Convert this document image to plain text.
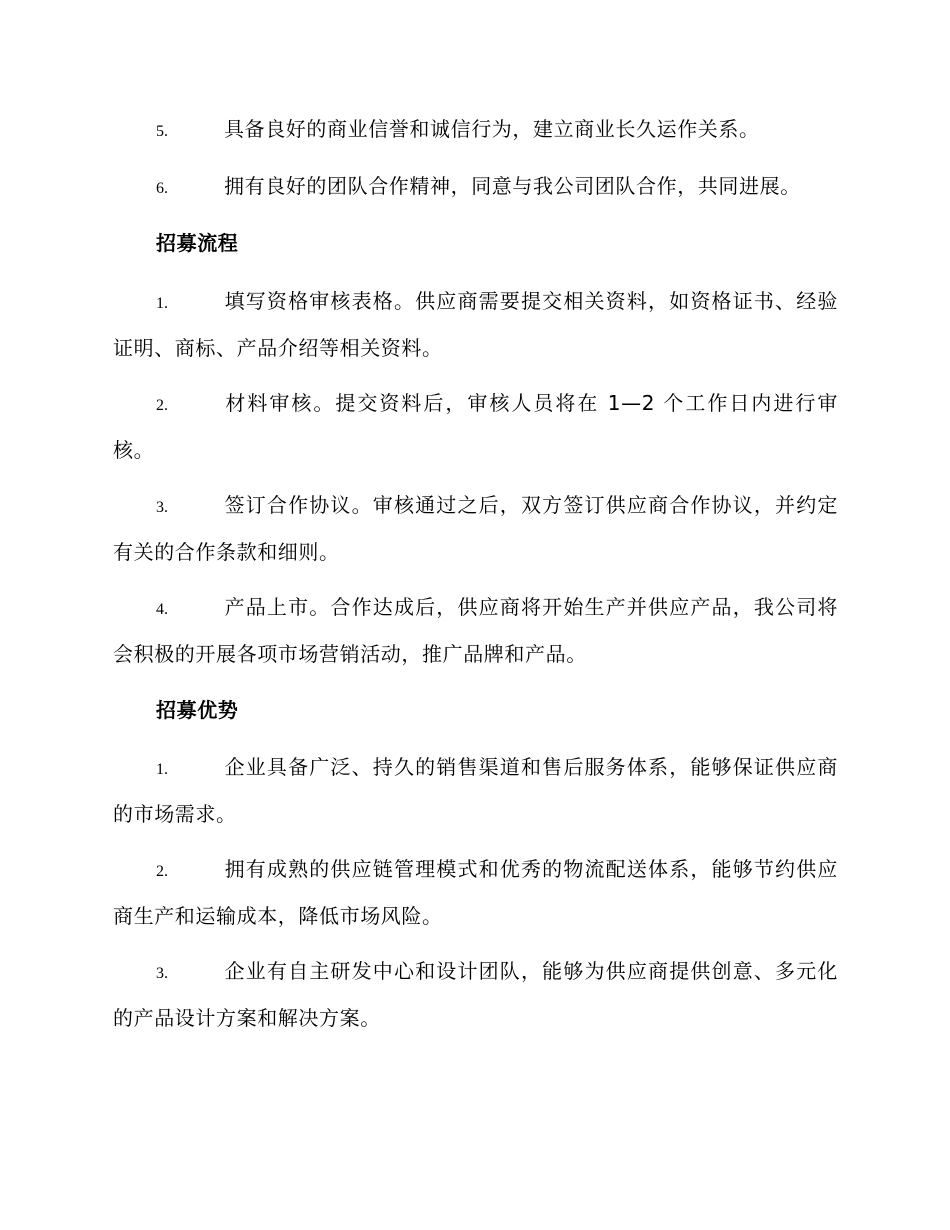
5.	具备良好的商业信誉和诚信行为，建立商业长久运作关系。

6.	拥有良好的团队合作精神，同意与我公司团队合作，共同进展。

招募流程

1.	填写资格审核表格。供应商需要提交相关资料，如资格证书、经验证明、商标、产品介绍等相关资料。

2.	材料审核。提交资料后，审核人员将在 1—2 个工作日内进行审核。

3.	签订合作协议。审核通过之后，双方签订供应商合作协议，并约定有关的合作条款和细则。

4.	产品上市。合作达成后，供应商将开始生产并供应产品，我公司将会积极的开展各项市场营销活动，推广品牌和产品。

招募优势

1.	企业具备广泛、持久的销售渠道和售后服务体系，能够保证供应商的市场需求。

2.	拥有成熟的供应链管理模式和优秀的物流配送体系，能够节约供应商生产和运输成本，降低市场风险。

3.	企业有自主研发中心和设计团队，能够为供应商提供创意、多元化的产品设计方案和解决方案。
